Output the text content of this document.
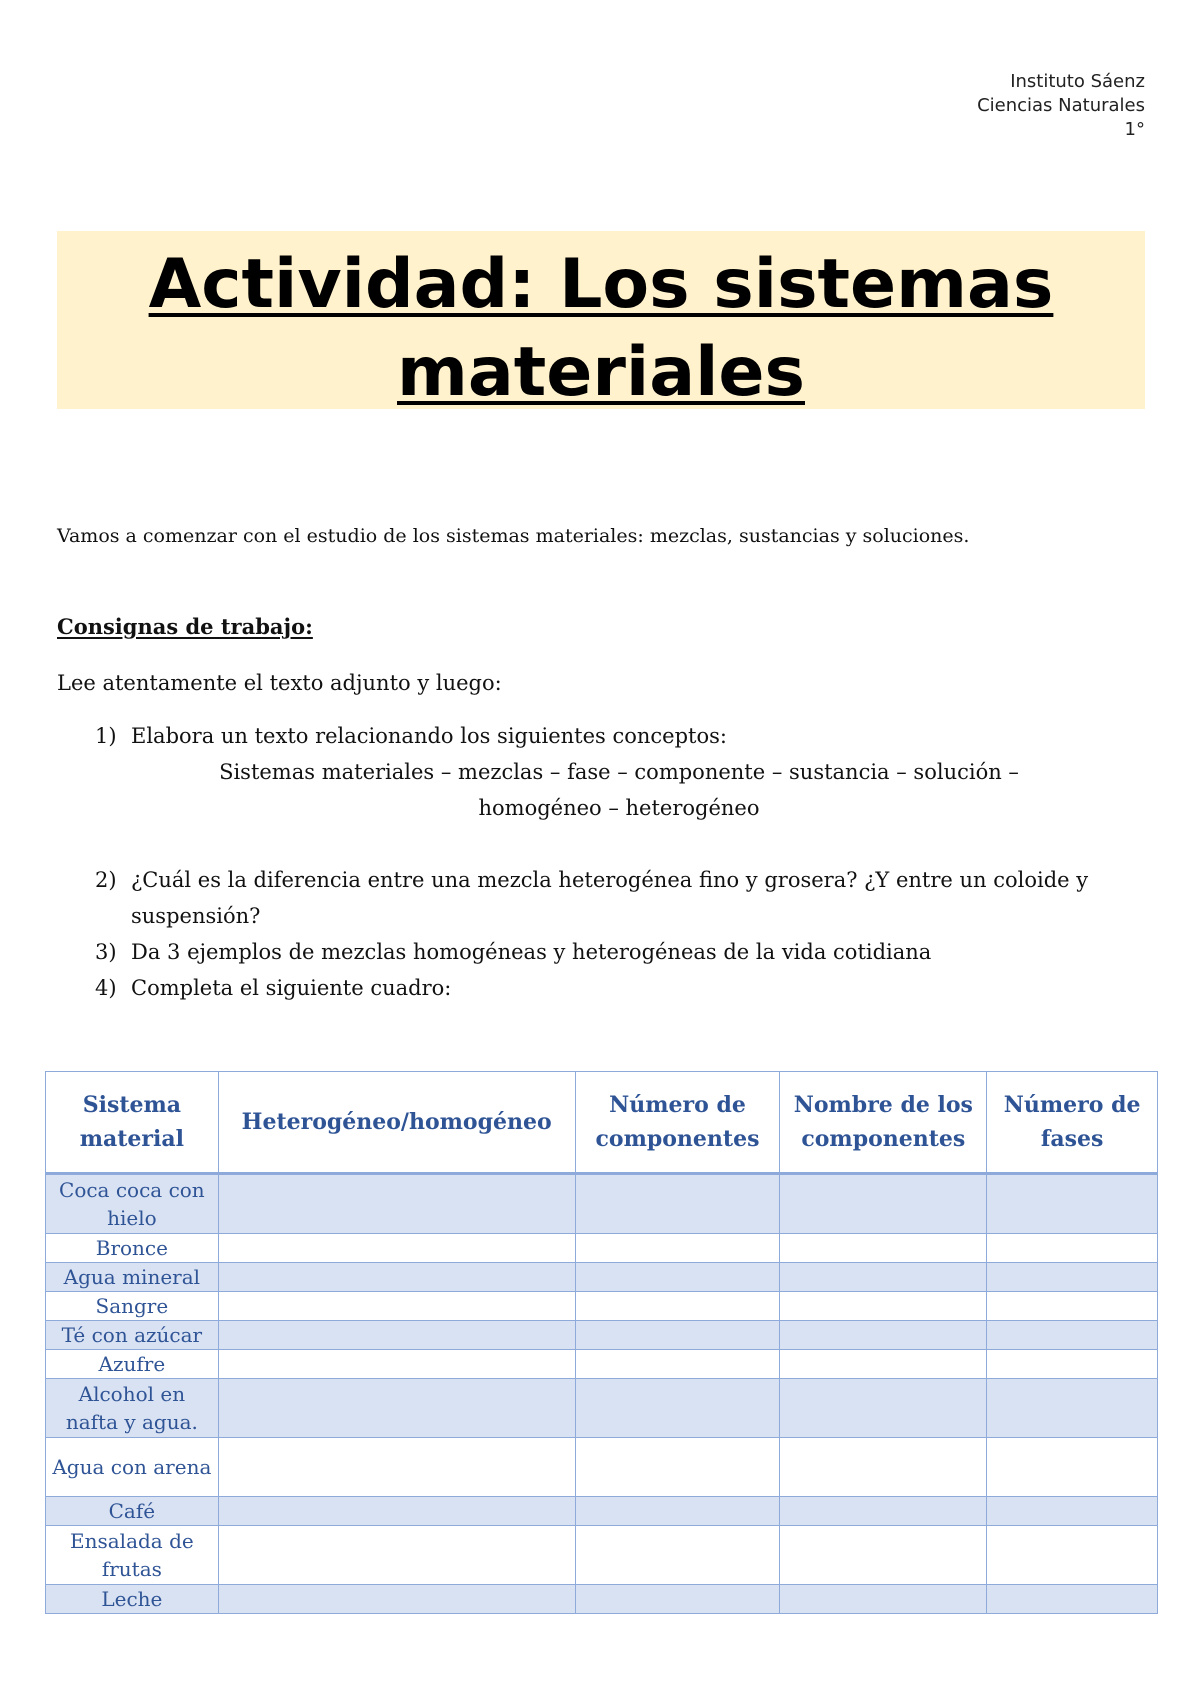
Instituto Sáenz
Ciencias Naturales
1°
Actividad: Los sistemas
materiales

Vamos a comenzar con el estudio de los sistemas materiales: mezclas, sustancias y soluciones.

Consignas de trabajo:

Lee atentamente el texto adjunto y luego:

1) Elabora un texto relacionando los siguientes conceptos:
Sistemas materiales – mezclas – fase – componente – sustancia – solución –
homogéneo – heterogéneo
2) ¿Cuál es la diferencia entre una mezcla heterogénea fino y grosera? ¿Y entre un coloide y suspensión?
3) Da 3 ejemplos de mezclas homogéneas y heterogéneas de la vida cotidiana
4) Completa el siguiente cuadro:
Sistema material	Heterogéneo/homogéneo	Número de componentes	Nombre de los componentes	Número de fases
Coca coca con hielo				
Bronce				
Agua mineral				
Sangre				
Té con azúcar				
Azufre				
Alcohol en nafta y agua.				
Agua con arena				
Café				
Ensalada de frutas				
Leche				
